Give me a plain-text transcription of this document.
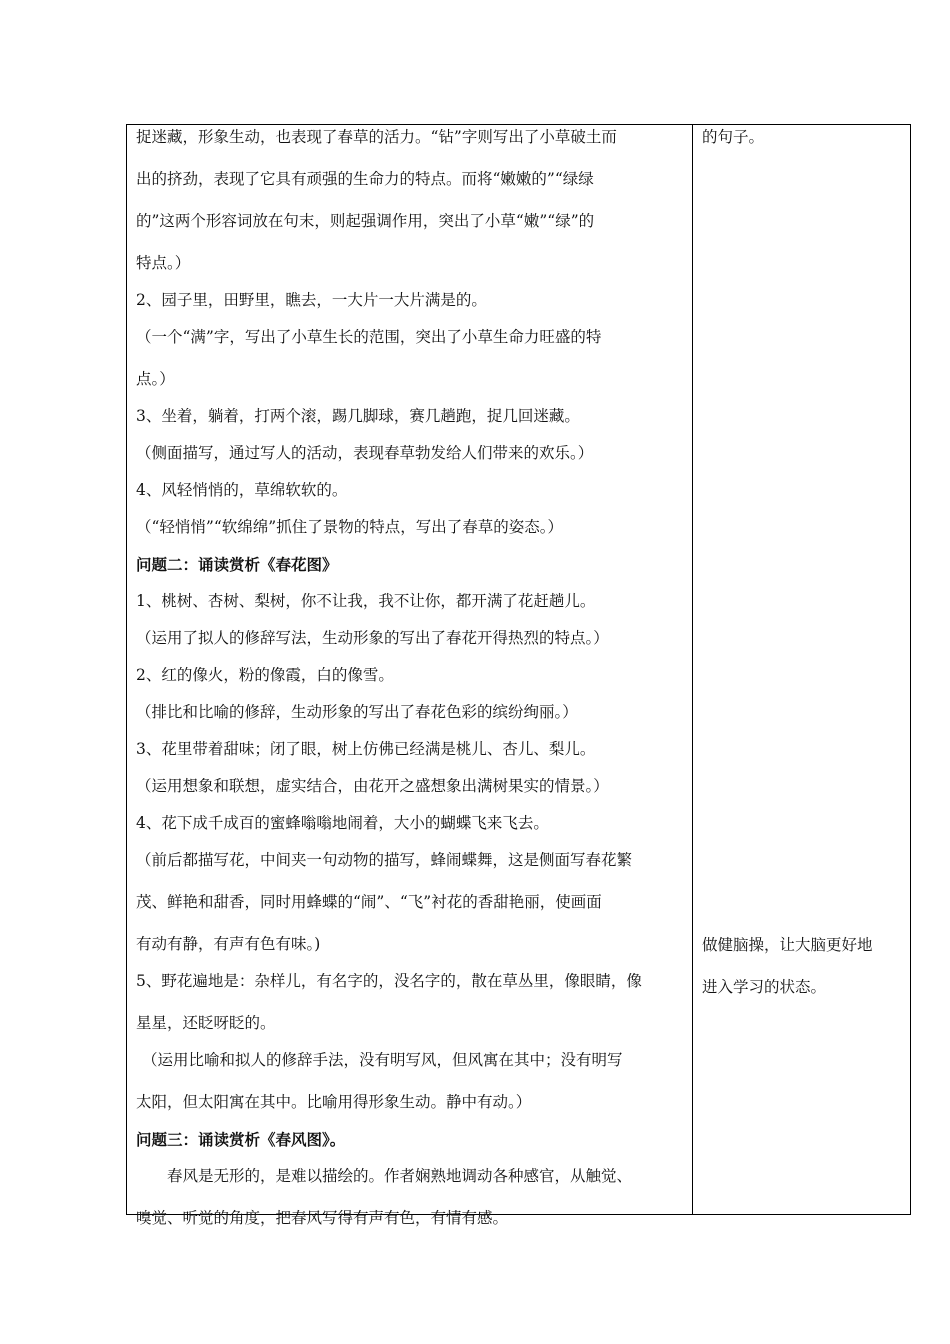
捉迷藏，形象生动，也表现了春草的活力。“钻”字则写出了小草破土而
出的挤劲，表现了它具有顽强的生命力的特点。而将“嫩嫩的”“绿绿
的”这两个形容词放在句末，则起强调作用，突出了小草“嫩”“绿”的
特点。）
2、园子里，田野里，瞧去，一大片一大片满是的。
（一个“满”字，写出了小草生长的范围，突出了小草生命力旺盛的特
点。）
3、坐着，躺着，打两个滚，踢几脚球，赛几趟跑，捉几回迷藏。
（侧面描写，通过写人的活动，表现春草勃发给人们带来的欢乐。）
4、风轻悄悄的，草绵软软的。
（“轻悄悄”“软绵绵”抓住了景物的特点，写出了春草的姿态。）
问题二：诵读赏析《春花图》
1、桃树、杏树、梨树，你不让我，我不让你，都开满了花赶趟儿。
（运用了拟人的修辞写法，生动形象的写出了春花开得热烈的特点。）
2、红的像火，粉的像霞，白的像雪。
（排比和比喻的修辞，生动形象的写出了春花色彩的缤纷绚丽。）
3、花里带着甜味；闭了眼，树上仿佛已经满是桃儿、杏儿、梨儿。
（运用想象和联想，虚实结合，由花开之盛想象出满树果实的情景。）
4、花下成千成百的蜜蜂嗡嗡地闹着，大小的蝴蝶飞来飞去。
（前后都描写花，中间夹一句动物的描写，蜂闹蝶舞，这是侧面写春花繁
茂、鲜艳和甜香，同时用蜂蝶的“闹”、“飞”衬花的香甜艳丽，使画面
有动有静，有声有色有味。)
5、野花遍地是：杂样儿，有名字的，没名字的，散在草丛里，像眼睛，像
星星，还眨呀眨的。
（运用比喻和拟人的修辞手法，没有明写风，但风寓在其中；没有明写
太阳，但太阳寓在其中。比喻用得形象生动。静中有动。）
问题三：诵读赏析《春风图》。
春风是无形的，是难以描绘的。作者娴熟地调动各种感官，从触觉、
嗅觉、听觉的角度，把春风写得有声有色，有情有感。
的句子。
做健脑操，让大脑更好地
进入学习的状态。
